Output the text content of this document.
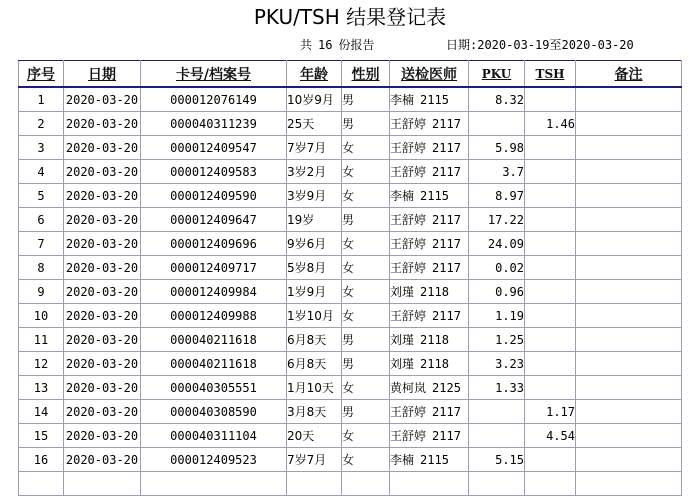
PKU/TSH 结果登记表
共 16 份报告	日期:2020-03-19至2020-03-20
序号	日期	卡号/档案号	年龄	性别	送检医师	PKU	TSH	备注
1	2020-03-20	000012076149	10岁9月	男	李楠 2115	8.32		
2	2020-03-20	000040311239	25天	男	王舒婷 2117		1.46	
3	2020-03-20	000012409547	7岁7月	女	王舒婷 2117	5.98		
4	2020-03-20	000012409583	3岁2月	女	王舒婷 2117	3.7		
5	2020-03-20	000012409590	3岁9月	女	李楠 2115	8.97		
6	2020-03-20	000012409647	19岁	男	王舒婷 2117	17.22		
7	2020-03-20	000012409696	9岁6月	女	王舒婷 2117	24.09		
8	2020-03-20	000012409717	5岁8月	女	王舒婷 2117	0.02		
9	2020-03-20	000012409984	1岁9月	女	刘瑾 2118	0.96		
10	2020-03-20	000012409988	1岁10月	女	王舒婷 2117	1.19		
11	2020-03-20	000040211618	6月8天	男	刘瑾 2118	1.25		
12	2020-03-20	000040211618	6月8天	男	刘瑾 2118	3.23		
13	2020-03-20	000040305551	1月10天	女	黄柯岚 2125	1.33		
14	2020-03-20	000040308590	3月8天	男	王舒婷 2117		1.17	
15	2020-03-20	000040311104	20天	女	王舒婷 2117		4.54	
16	2020-03-20	000012409523	7岁7月	女	李楠 2115	5.15		
